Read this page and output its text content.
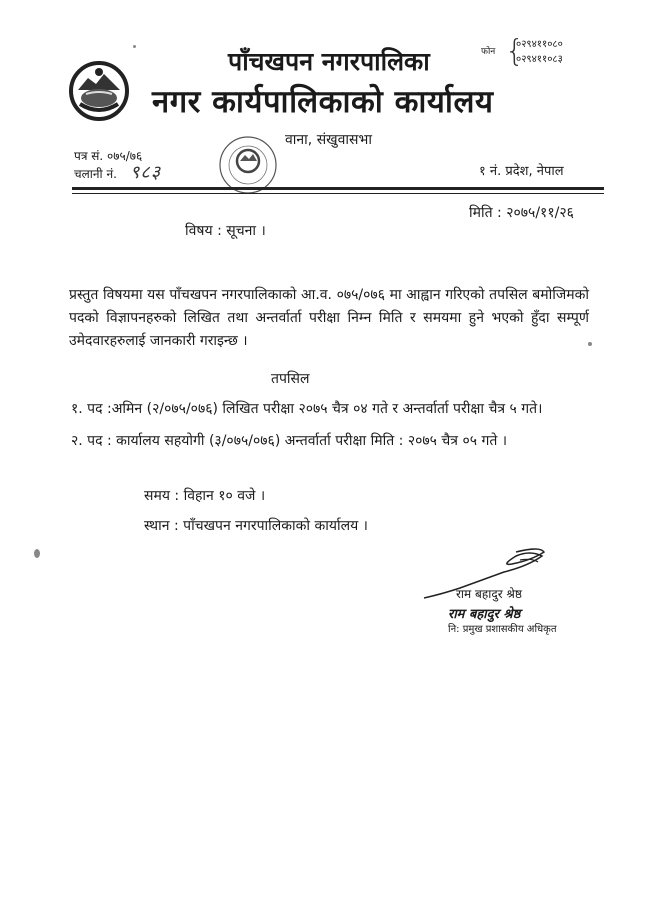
पाँचखपन नगरपालिका
नगर कार्यपालिकाको कार्यालय
फोन {
०२९४११०८०
०२९४११०८३
वाना, संखुवासभा
पत्र सं. ०७५/७६
चलानी नं. ९८३	१ नं. प्रदेश, नेपाल
मिति : २०७५/११/२६
विषय : सूचना ।
प्रस्तुत विषयमा यस पाँचखपन नगरपालिकाको आ.व. ०७५/०७६ मा आह्वान गरिएको तपसिल बमोजिमको पदको विज्ञापनहरुको लिखित तथा अन्तर्वार्ता परीक्षा निम्न मिति र समयमा हुने भएको हुँदा सम्पूर्ण उमेदवारहरुलाई जानकारी गराइन्छ ।
तपसिल
१. पद :अमिन (२/०७५/०७६) लिखित परीक्षा २०७५ चैत्र ०४ गते र अन्तर्वार्ता परीक्षा चैत्र ५ गते।
२. पद : कार्यालय सहयोगी (३/०७५/०७६) अन्तर्वार्ता परीक्षा मिति : २०७५ चैत्र ०५ गते ।
समय : विहान १० वजे ।
स्थान : पाँचखपन नगरपालिकाको कार्यालय ।
राम बहादुर श्रेष्ठ
राम बहादुर श्रेष्ठ
नि: प्रमुख प्रशासकीय अधिकृत
